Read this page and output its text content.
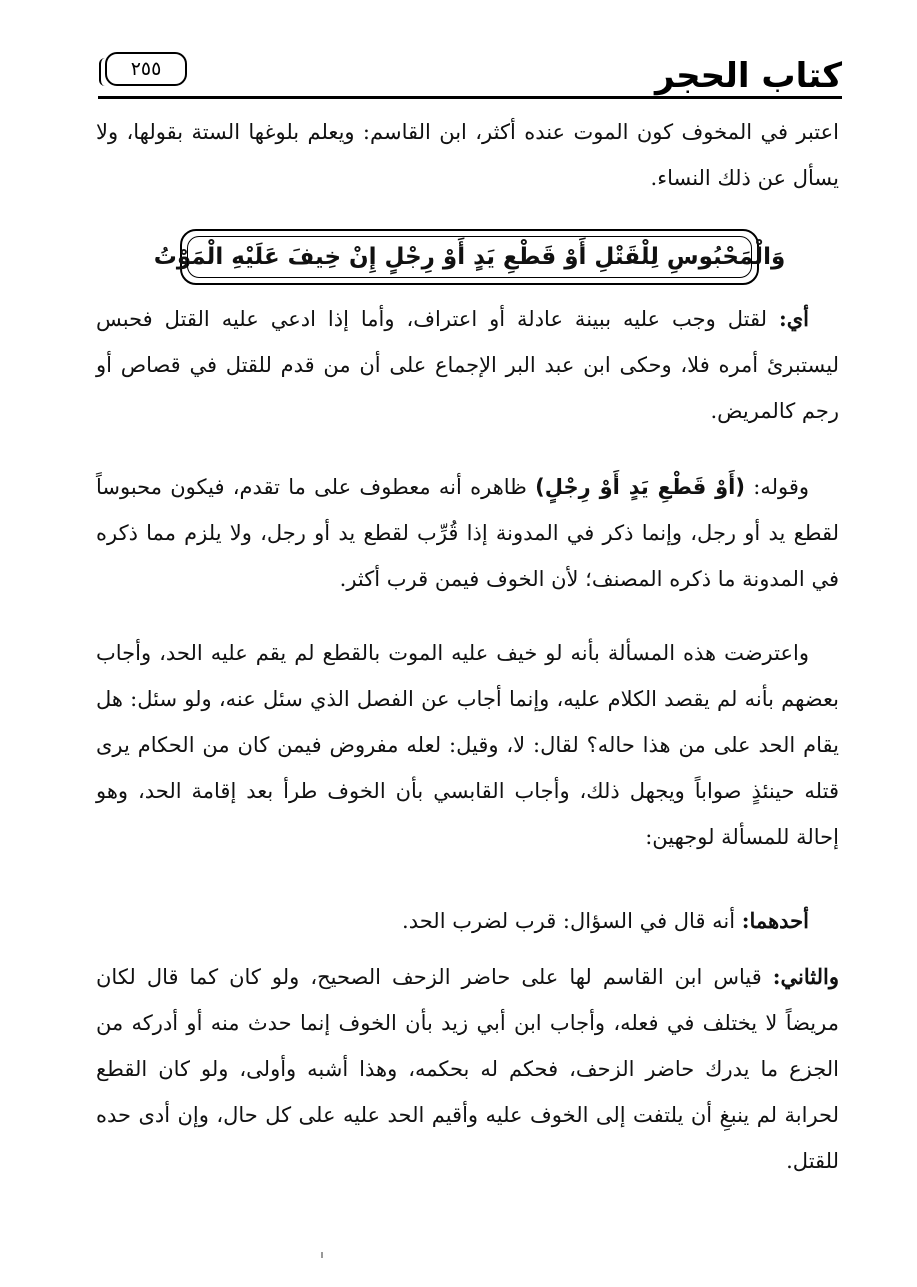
كتاب الحجر
٢٥٥

اعتبر في المخوف كون الموت عنده أكثر، ابن القاسم: ويعلم بلوغها الستة بقولها، ولا يسأل عن ذلك النساء.

وَالْمَحْبُوسِ لِلْقَتْلِ أَوْ قَطْعِ يَدٍ أَوْ رِجْلٍ إِنْ خِيفَ عَلَيْهِ الْمَوْتُ

أي: لقتل وجب عليه ببينة عادلة أو اعتراف، وأما إذا ادعي عليه القتل فحبس ليستبرئ أمره فلا، وحكى ابن عبد البر الإجماع على أن من قدم للقتل في قصاص أو رجم كالمريض.

وقوله: (أَوْ قَطْعِ يَدٍ أَوْ رِجْلٍ) ظاهره أنه معطوف على ما تقدم، فيكون محبوساً لقطع يد أو رجل، وإنما ذكر في المدونة إذا قُرِّب لقطع يد أو رجل، ولا يلزم مما ذكره في المدونة ما ذكره المصنف؛ لأن الخوف فيمن قرب أكثر.

واعترضت هذه المسألة بأنه لو خيف عليه الموت بالقطع لم يقم عليه الحد، وأجاب بعضهم بأنه لم يقصد الكلام عليه، وإنما أجاب عن الفصل الذي سئل عنه، ولو سئل: هل يقام الحد على من هذا حاله؟ لقال: لا، وقيل: لعله مفروض فيمن كان من الحكام يرى قتله حينئذٍ صواباً ويجهل ذلك، وأجاب القابسي بأن الخوف طرأ بعد إقامة الحد، وهو إحالة للمسألة لوجهين:

أحدهما: أنه قال في السؤال: قرب لضرب الحد.

والثاني: قياس ابن القاسم لها على حاضر الزحف الصحيح، ولو كان كما قال لكان مريضاً لا يختلف في فعله، وأجاب ابن أبي زيد بأن الخوف إنما حدث منه أو أدركه من الجزع ما يدرك حاضر الزحف، فحكم له بحكمه، وهذا أشبه وأولى، ولو كان القطع لحرابة لم ينبغِ أن يلتفت إلى الخوف عليه وأقيم الحد عليه على كل حال، وإن أدى حده للقتل.
